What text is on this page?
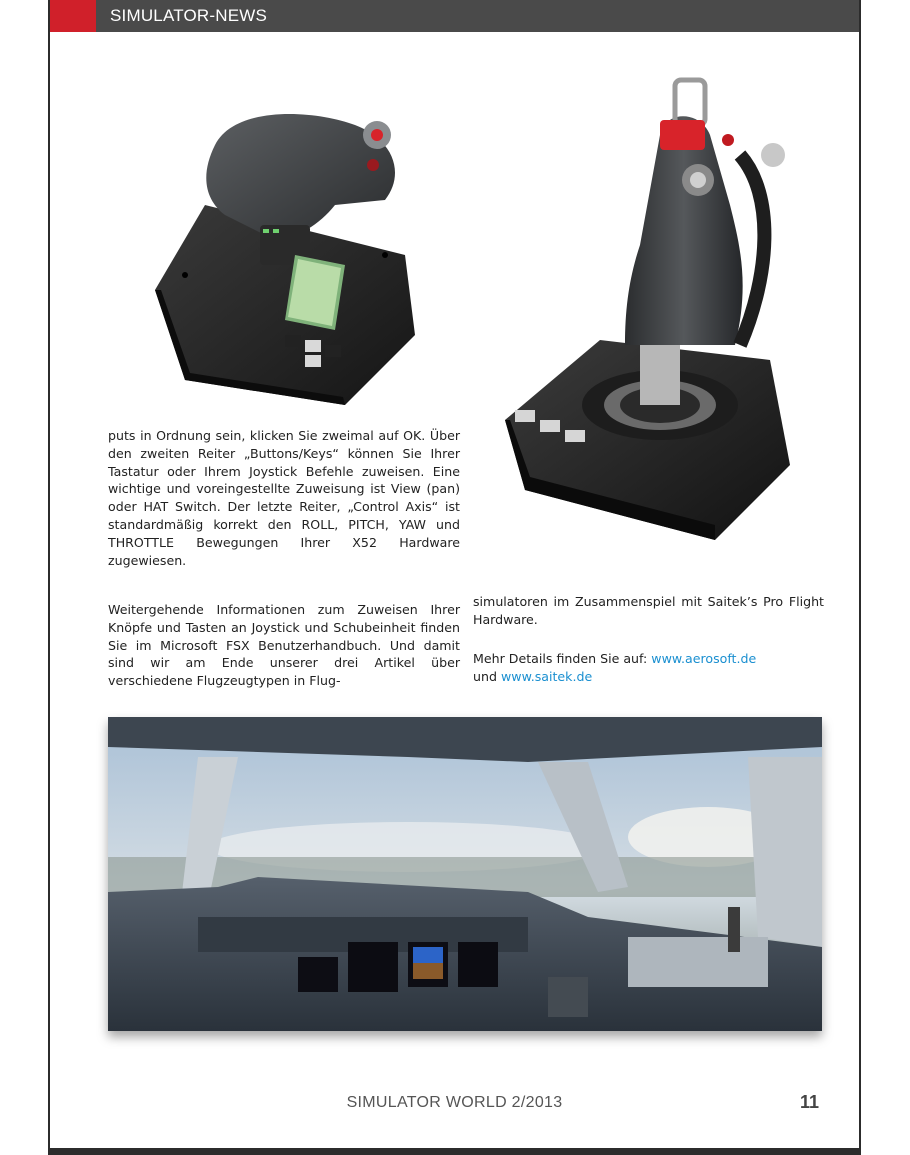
SIMULATOR-NEWS

puts in Ordnung sein, klicken Sie zweimal auf OK. Über den zweiten Reiter „Buttons/Keys“ können Sie Ihrer Tastatur oder Ihrem Joystick Befehle zuweisen. Eine wichtige und voreingestellte Zuweisung ist View (pan) oder HAT Switch. Der letzte Reiter, „Control Axis“ ist standardmäßig korrekt den ROLL, PITCH, YAW und THROTTLE Bewegungen Ihrer X52 Hardware zugewiesen.

Weitergehende Informationen zum Zuweisen Ihrer Knöpfe und Tasten an Joystick und Schubeinheit finden Sie im Microsoft FSX Benutzerhandbuch. Und damit sind wir am Ende unserer drei Artikel über verschiedene Flugzeugtypen in Flug-

simulatoren im Zusammenspiel mit Saitek’s Pro Flight Hardware.

Mehr Details finden Sie auf: www.aerosoft.de
und www.saitek.de

SIMULATOR WORLD 2/2013	11
